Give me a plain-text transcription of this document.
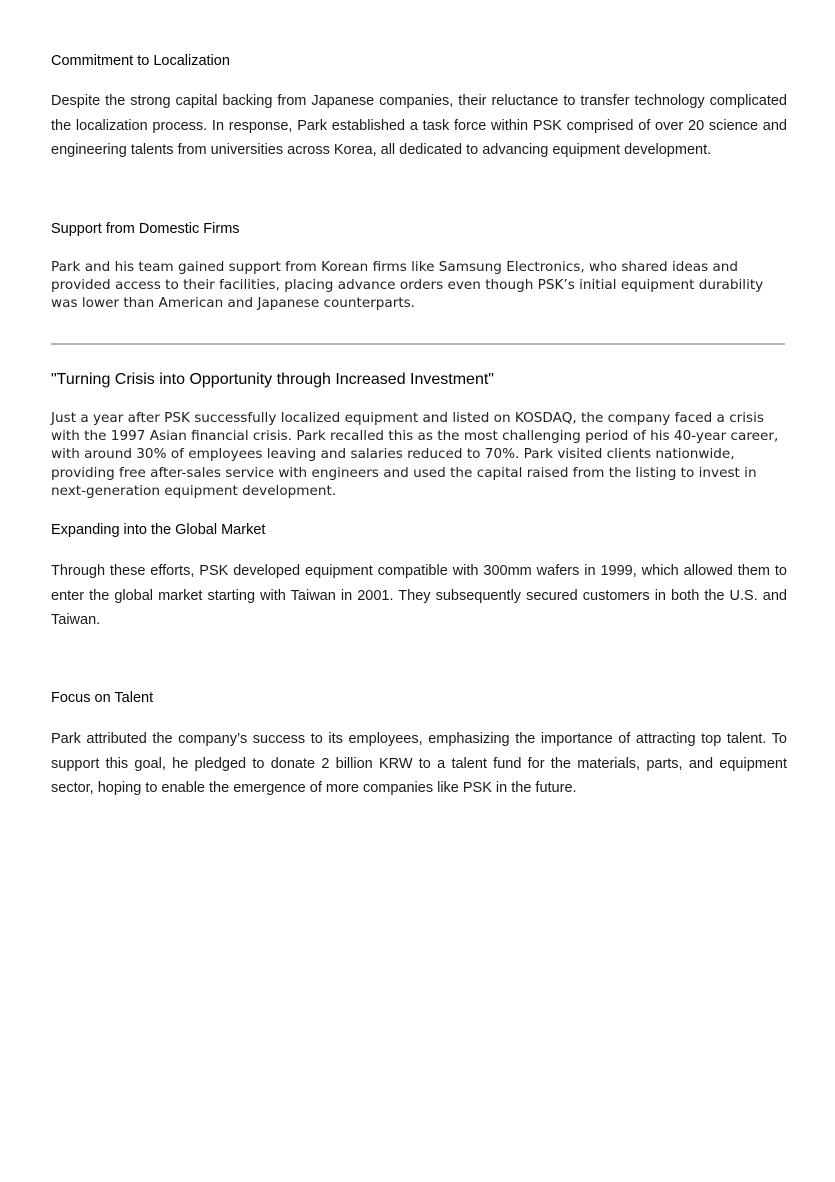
Commitment to Localization

Despite the strong capital backing from Japanese companies, their reluctance to transfer technology complicated the localization process. In response, Park established a task force within PSK comprised of over 20 science and engineering talents from universities across Korea, all dedicated to advancing equipment development.

Support from Domestic Firms

Park and his team gained support from Korean firms like Samsung Electronics, who shared ideas and provided access to their facilities, placing advance orders even though PSK’s initial equipment durability was lower than American and Japanese counterparts.

"Turning Crisis into Opportunity through Increased Investment"

Just a year after PSK successfully localized equipment and listed on KOSDAQ, the company faced a crisis with the 1997 Asian financial crisis. Park recalled this as the most challenging period of his 40-year career, with around 30% of employees leaving and salaries reduced to 70%. Park visited clients nationwide, providing free after-sales service with engineers and used the capital raised from the listing to invest in next-generation equipment development.

Expanding into the Global Market

Through these efforts, PSK developed equipment compatible with 300mm wafers in 1999, which allowed them to enter the global market starting with Taiwan in 2001. They subsequently secured customers in both the U.S. and Taiwan.

Focus on Talent

Park attributed the company’s success to its employees, emphasizing the importance of attracting top talent. To support this goal, he pledged to donate 2 billion KRW to a talent fund for the materials, parts, and equipment sector, hoping to enable the emergence of more companies like PSK in the future.
